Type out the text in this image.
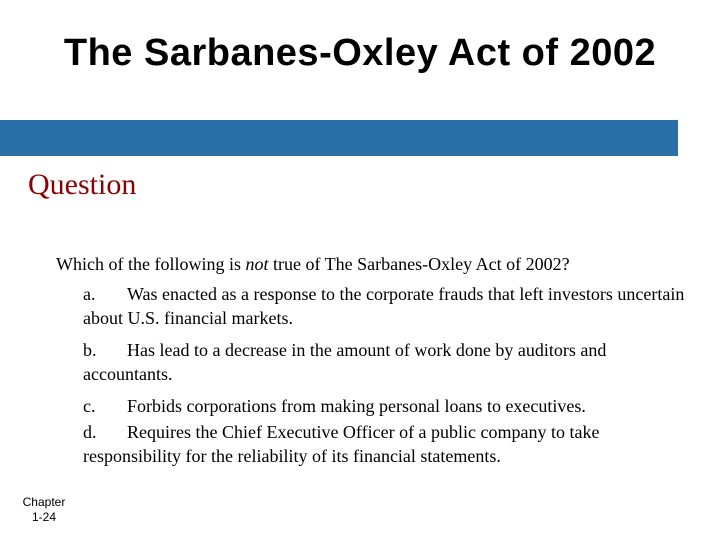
The Sarbanes-Oxley Act of 2002
Question
Which of the following is not true of The Sarbanes-Oxley Act of 2002?
a. Was enacted as a response to the corporate frauds that left investors uncertain about U.S. financial markets.
b. Has lead to a decrease in the amount of work done by auditors and accountants.
c. Forbids corporations from making personal loans to executives.
d. Requires the Chief Executive Officer of a public company to take responsibility for the reliability of its financial statements.
Chapter
1-24
